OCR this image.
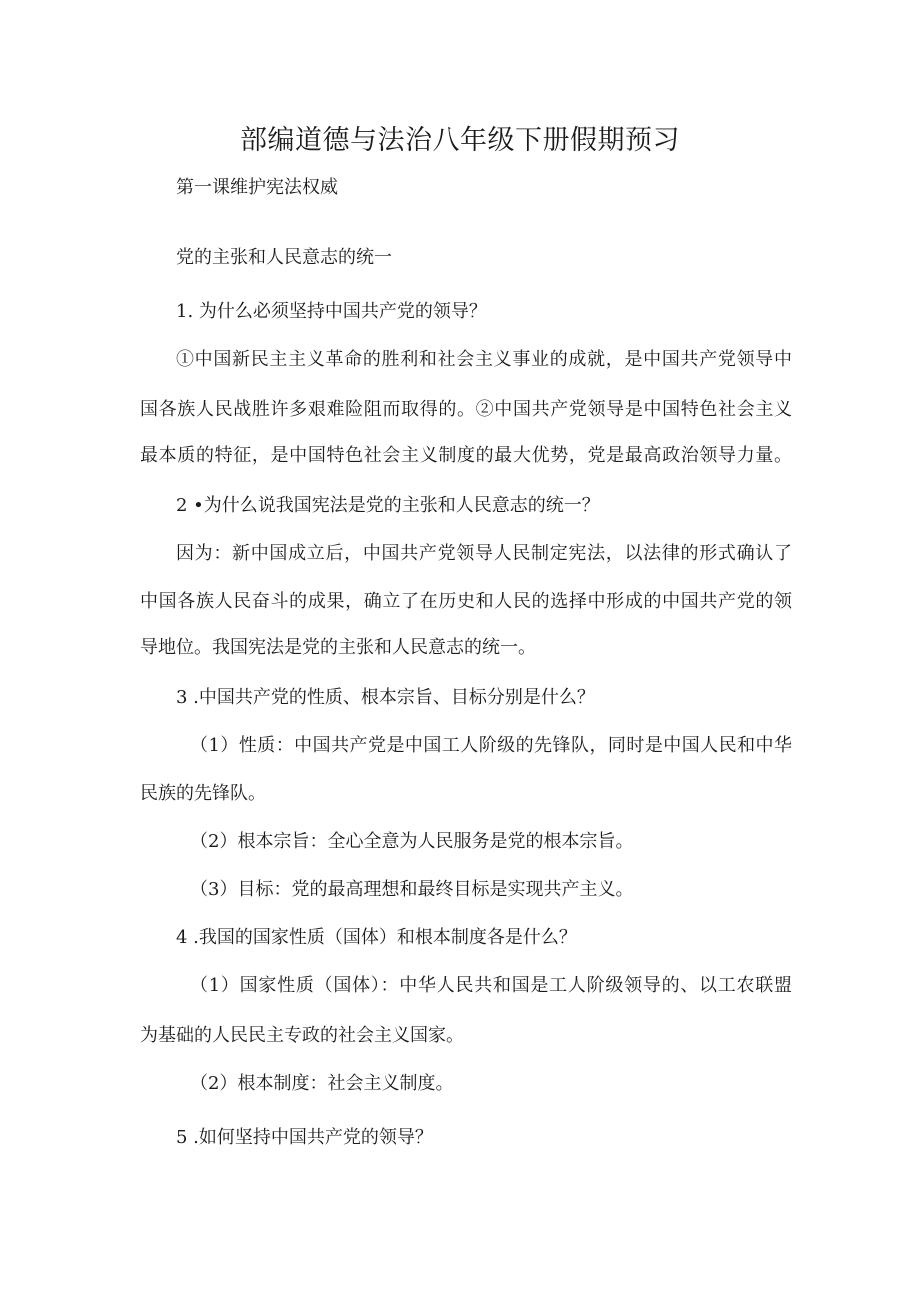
部编道德与法治八年级下册假期预习
第一课维护宪法权威
党的主张和人民意志的统一
1. 为什么必须坚持中国共产党的领导？
①中国新民主主义革命的胜利和社会主义事业的成就，是中国共产党领导中
国各族人民战胜许多艰难险阻而取得的。②中国共产党领导是中国特色社会主义
最本质的特征，是中国特色社会主义制度的最大优势，党是最高政治领导力量。
2 •为什么说我国宪法是党的主张和人民意志的统一？
因为：新中国成立后，中国共产党领导人民制定宪法，以法律的形式确认了
中国各族人民奋斗的成果，确立了在历史和人民的选择中形成的中国共产党的领
导地位。我国宪法是党的主张和人民意志的统一。
3 .中国共产党的性质、根本宗旨、目标分别是什么？
（1）性质：中国共产党是中国工人阶级的先锋队，同时是中国人民和中华
民族的先锋队。
（2）根本宗旨：全心全意为人民服务是党的根本宗旨。
（3）目标：党的最高理想和最终目标是实现共产主义。
4 .我国的国家性质（国体）和根本制度各是什么？
（1）国家性质（国体）：中华人民共和国是工人阶级领导的、以工农联盟
为基础的人民民主专政的社会主义国家。
（2）根本制度：社会主义制度。
5 .如何坚持中国共产党的领导？
